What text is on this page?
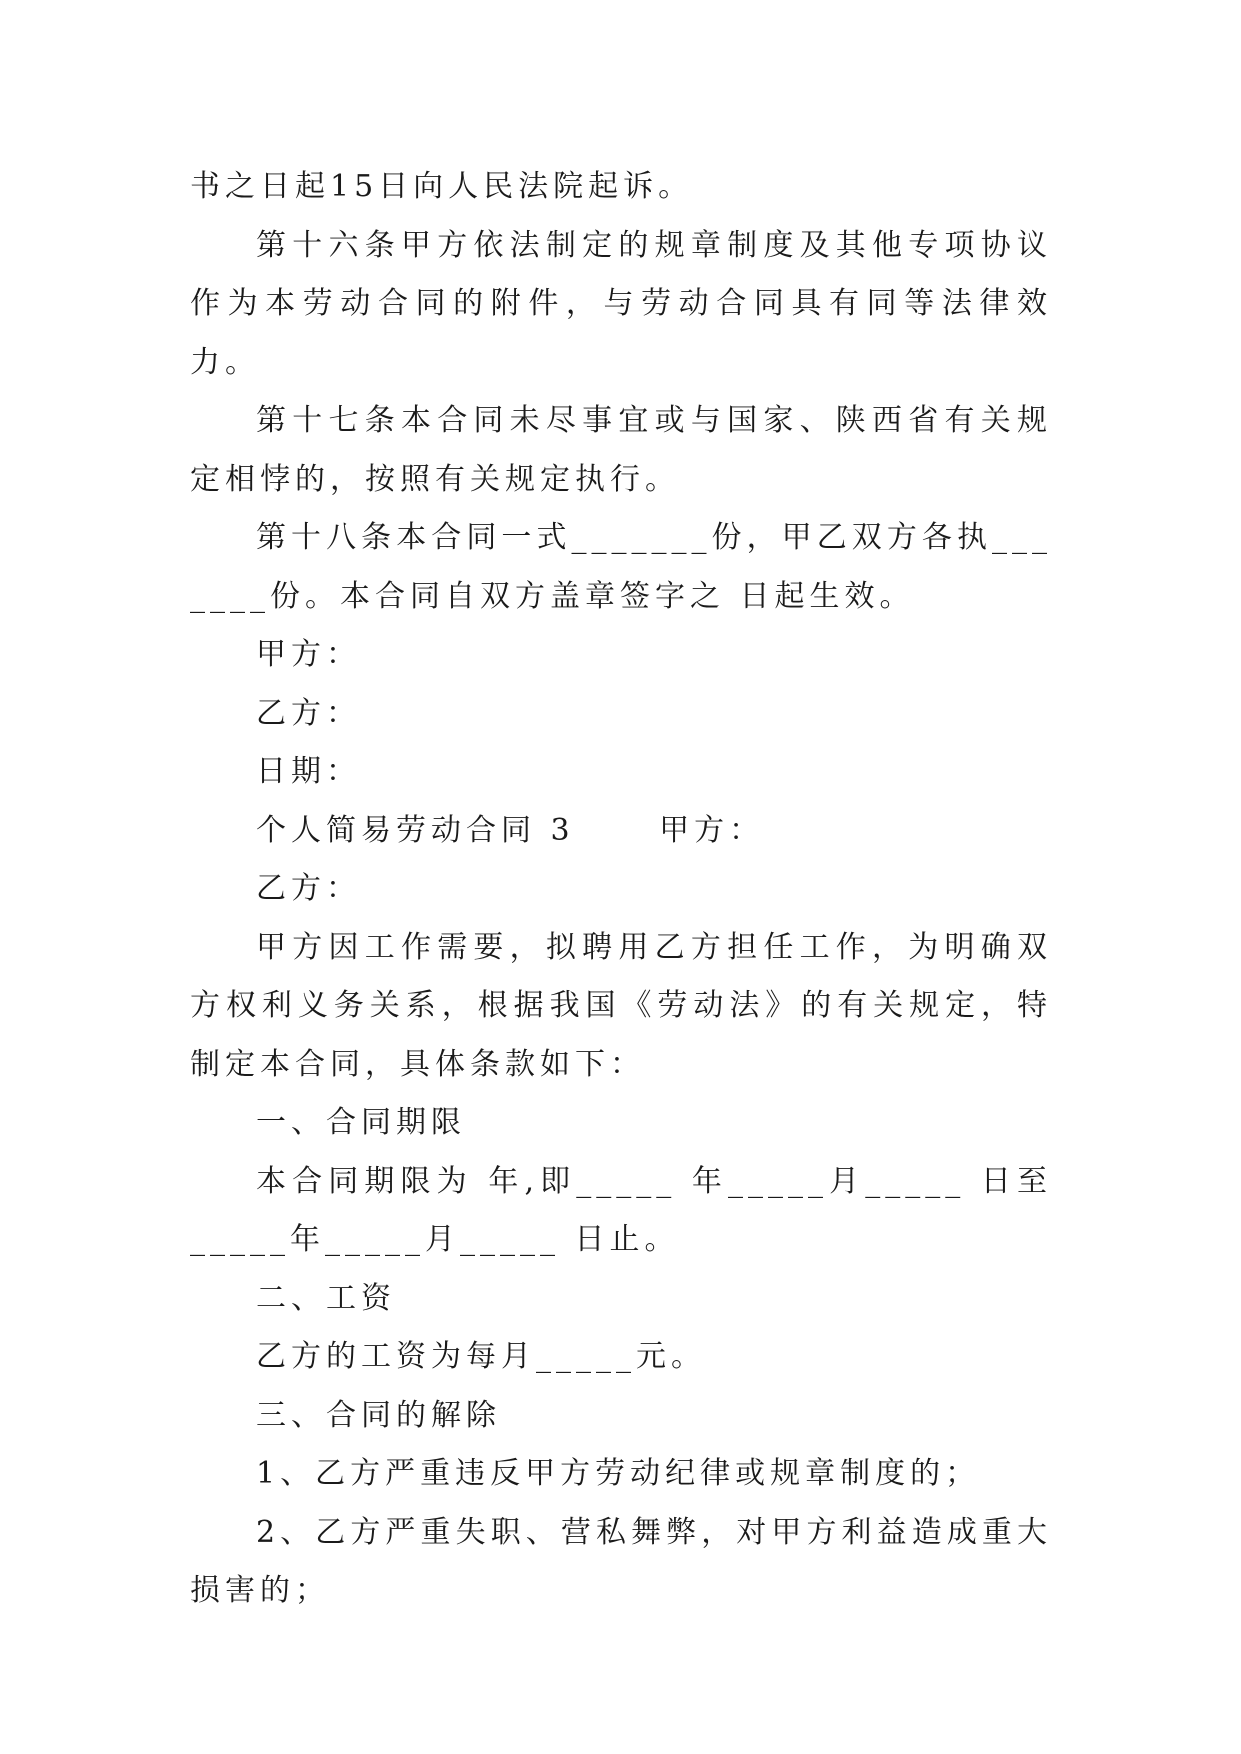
书之日起15日向人民法院起诉。

第十六条甲方依法制定的规章制度及其他专项协议作为本劳动合同的附件，与劳动合同具有同等法律效力。

第十七条本合同未尽事宜或与国家、陕西省有关规定相悖的，按照有关规定执行。

第十八条本合同一式_______份，甲乙双方各执_______份。本合同自双方盖章签字之 日起生效。

甲方：

乙方：

日期：

个人简易劳动合同 3　　 甲方：

乙方：

甲方因工作需要，拟聘用乙方担任工作，为明确双方权利义务关系，根据我国《劳动法》的有关规定，特制定本合同，具体条款如下：

一、合同期限

本合同期限为 年,即_____ 年_____月_____ 日至_____年_____月_____ 日止。

二、工资

乙方的工资为每月_____元。

三、合同的解除

1、乙方严重违反甲方劳动纪律或规章制度的；

2、乙方严重失职、营私舞弊，对甲方利益造成重大损害的；
